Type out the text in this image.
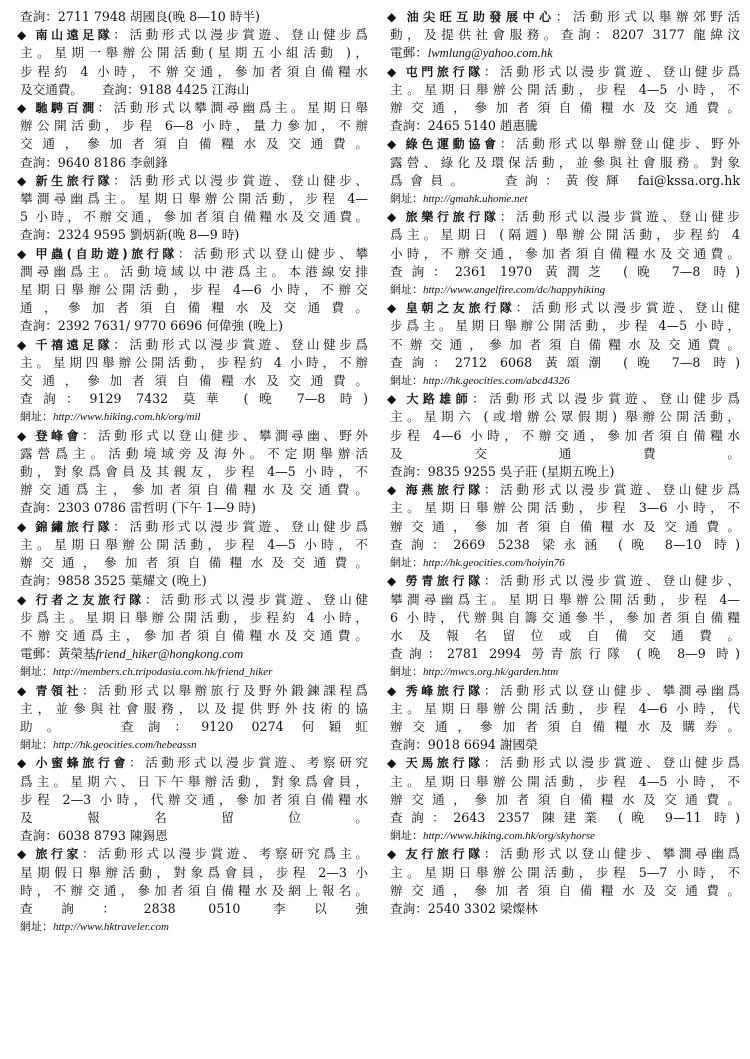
查詢：2711 7948 胡國良(晚 8—10 時半)
◆ 南山遠足隊：活動形式以漫步賞遊、登山健步爲
主。星期一舉辦公開活動(星期五小組活動 )，
步程約 4 小時，不辦交通，參加者須自備糧水
及交通費。　　查詢：9188 4425 江海山
◆ 馳騁百澗：活動形式以攀澗尋幽爲主。星期日舉
辦公開活動，步程 6—8 小時，量力參加，不辦
交通，參加者須自備糧水及交通費。
查詢：9640 8186 李劍鋒
◆ 新生旅行隊：活動形式以漫步賞遊、登山健步、
攀澗尋幽爲主。星期日舉辦公開活動，步程 4—
5 小時，不辦交通，參加者須自備糧水及交通費。
查詢：2324 9595 劉炳新(晚 8—9 時)
◆ 甲蟲(自助遊)旅行隊：活動形式以登山健步、攀
澗尋幽爲主。活動境域以中港爲主。本港線安排
星期日舉辦公開活動，步程 4—6 小時，不辦交
通，參加者須自備糧水及交通費。
查詢：2392 7631/ 9770 6696 何偉強 (晚上)
◆ 千禧遠足隊：活動形式以漫步賞遊、登山健步爲
主。星期四舉辦公開活動，步程約 4 小時，不辦
交通，參加者須自備糧水及交通費。
查詢：9129 7432 莫華 (晚 7—8 時)
網址：http://www.hiking.com.hk/org/mil
◆ 登峰會：活動形式以登山健步、攀澗尋幽、野外
露營爲主。活動境域旁及海外。不定期舉辦活
動，對象爲會員及其親友，步程 4—5 小時，不
辦交通爲主，參加者須自備糧水及交通費。
查詢：2303 0786 雷哲明 (下午 1—9 時)
◆ 錦繡旅行隊：活動形式以漫步賞遊、登山健步爲
主。星期日舉辦公開活動，步程 4—5 小時，不
辦交通，參加者須自備糧水及交通費。
查詢：9858 3525 葉耀文 (晚上)
◆ 行者之友旅行隊：活動形式以漫步賞遊、登山健
步爲主。星期日舉辦公開活動，步程約 4 小時，
不辦交通爲主，參加者須自備糧水及交通費。
電郵：黃榮基friend_hiker@hongkong.com
網址：http://members.ch.tripodasia.com.hk/friend_hiker
◆ 青領社：活動形式以舉辦旅行及野外鍛鍊課程爲
主，並參與社會服務，以及提供野外技術的協
助。　　查詢：9120 0274 何穎虹
網址：http://hk.geocities.com/hebeassn
◆ 小蜜蜂旅行會：活動形式以漫步賞遊、考察研究
爲主。星期六、日下午舉辦活動，對象爲會員，
步程 2—3 小時，代辦交通，參加者須自備糧水
及報名留位。
查詢：6038 8793 陳錫恩
◆ 旅行家：活動形式以漫步賞遊、考察研究爲主。
星期假日舉辦活動，對象爲會員，步程 2—3 小
時，不辦交通，參加者須自備糧水及網上報名。
查詢：2838 0510 李以強
網址：http://www.hktraveler.com
◆ 油尖旺互助發展中心：活動形式以舉辦郊野活
動，及提供社會服務。查詢：8207 3177 龍緯汶
電郵：lwmlung@yahoo.com.hk
◆ 屯門旅行隊：活動形式以漫步賞遊、登山健步爲
主。星期日舉辦公開活動，步程 4—5 小時，不
辦交通，參加者須自備糧水及交通費。
查詢：2465 5140 趙惠騰
◆ 綠色運動協會：活動形式以舉辦登山健步、野外
露營、綠化及環保活動，並參與社會服務。對象
爲會員。　　查詢：黃俊輝 fai@kssa.org.hk
網址：http://gmahk.uhome.net
◆ 旅樂行旅行隊：活動形式以漫步賞遊、登山健步
爲主。星期日 (隔週) 舉辦公開活動，步程約 4
小時，不辦交通，參加者須自備糧水及交通費。
查詢：2361 1970 黃潤芝 (晚 7—8 時)
網址：http://www.angelfire.com/dc/happyhiking
◆ 皇朝之友旅行隊：活動形式以漫步賞遊、登山健
步爲主。星期日舉辦公開活動，步程 4—5 小時，
不辦交通，參加者須自備糧水及交通費。
查詢：2712 6068 黃頌潮 (晚 7—8 時)
網址：http://hk.geocities.com/abcd4326
◆ 大路雄師：活動形式以漫步賞遊、登山健步爲
主。星期六 (或增辦公眾假期) 舉辦公開活動，
步程 4—6 小時，不辦交通，參加者須自備糧水
及交通費。
查詢：9835 9255 吳子莊 (星期五晚上)
◆ 海燕旅行隊：活動形式以漫步賞遊、登山健步爲
主。星期日舉辦公開活動，步程 3—6 小時，不
辦交通，參加者須自備糧水及交通費。
查詢：2669 5238 梁永涵 (晚 8—10 時)
網址：http://hk.geocities.com/hoiyin76
◆ 勞青旅行隊：活動形式以漫步賞遊、登山健步、
攀澗尋幽爲主。星期日舉辦公開活動，步程 4—
6 小時，代辦與自籌交通參半，參加者須自備糧
水及報名留位或自備交通費。
查詢：2781 2994 勞青旅行隊 (晚 8—9 時)
網址：http://mwcs.org.hk/garden.htm
◆ 秀峰旅行隊：活動形式以登山健步、攀澗尋幽爲
主。星期日舉辦公開活動，步程 4—6 小時，代
辦交通，參加者須自備糧水及購券。
查詢：9018 6694 謝國榮
◆ 天馬旅行隊：活動形式以漫步賞遊、登山健步爲
主。星期日舉辦公開活動，步程 4—5 小時，不
辦交通，參加者須自備糧水及交通費。
查詢：2643 2357 陳建業 (晚 9—11 時)
網址：http://www.hiking.com.hk/org/skyhorse
◆ 友行旅行隊：活動形式以登山健步、攀澗尋幽爲
主。星期日舉辦公開活動，步程 5—7 小時，不
辦交通，參加者須自備糧水及交通費。
查詢：2540 3302 梁燦林
